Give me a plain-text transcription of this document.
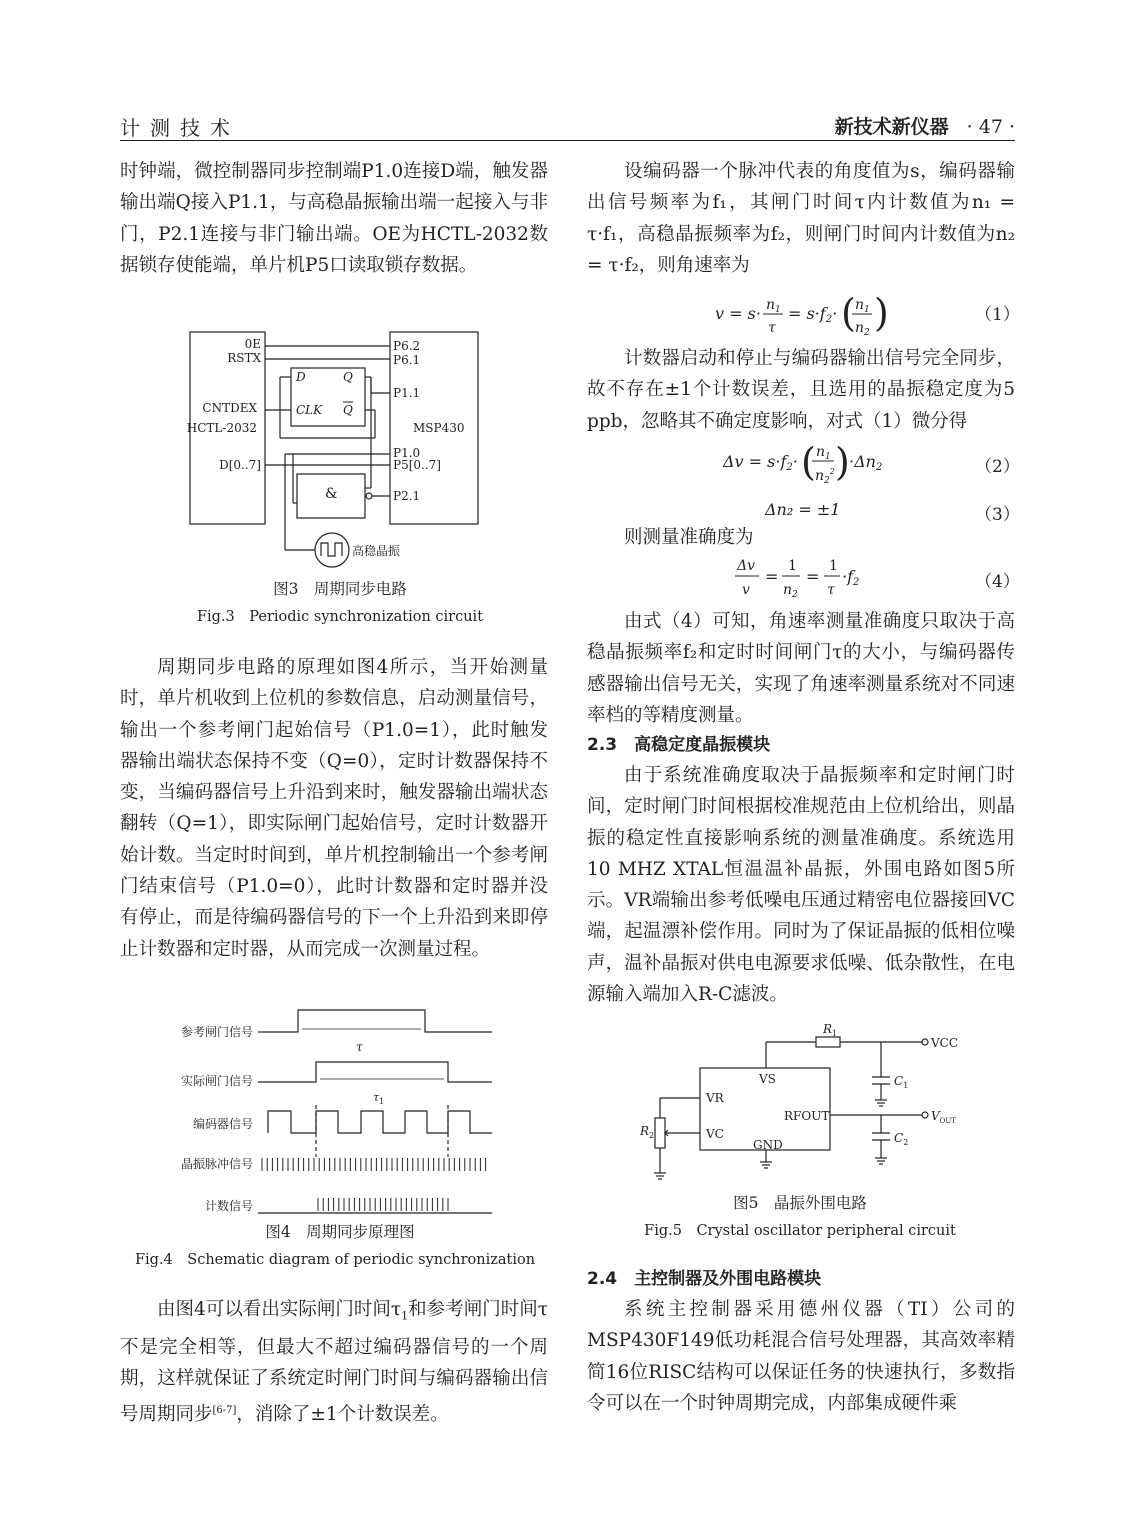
计测技术	新技术新仪器 · 47 ·

时钟端，微控制器同步控制端P1.0连接D端，触发器输出端Q接入P1.1，与高稳晶振输出端一起接入与非门，P2.1连接与非门输出端。OE为HCTL-2032数据锁存使能端，单片机P5口读取锁存数据。

0E
RSTX
CNTDEX
HCTL-2032
D[0..7]
D	Q
CLK Q
P6.2
P6.1
P1.1
MSP430
P1.0
P5[0..7]
P2.1
&
高稳晶振
图3　周期同步电路
Fig.3　Periodic synchronization circuit

周期同步电路的原理如图4所示，当开始测量时，单片机收到上位机的参数信息，启动测量信号，输出一个参考闸门起始信号（P1.0=1），此时触发器输出端状态保持不变（Q=0），定时计数器保持不变，当编码器信号上升沿到来时，触发器输出端状态翻转（Q=1），即实际闸门起始信号，定时计数器开始计数。当定时时间到，单片机控制输出一个参考闸门结束信号（P1.0=0），此时计数器和定时器并没有停止，而是待编码器信号的下一个上升沿到来即停止计数器和定时器，从而完成一次测量过程。

参考闸门信号
实际闸门信号
编码器信号
晶振脉冲信号
计数信号
τ
$\tau_1$
图4　周期同步原理图
Fig.4　Schematic diagram of periodic synchronization

由图4可以看出实际闸门时间$\tau_1$和参考闸门时间τ不是完全相等，但最大不超过编码器信号的一个周期，这样就保证了系统定时闸门时间与编码器输出信号周期同步[6-7]，消除了±1个计数误差。

设编码器一个脉冲代表的角度值为s，编码器输出信号频率为f₁，其闸门时间τ内计数值为n₁ = τ·f₁，高稳晶振频率为f₂，则闸门时间内计数值为n₂ = τ·f₂，则角速率为

$v = s\cdot n_1$
τ
= s·f2· ( $n_1$
$n_2$ )	（1）

计数器启动和停止与编码器输出信号完全同步，故不存在±1个计数误差，且选用的晶振稳定度为5 ppb，忽略其不确定度影响，对式（1）微分得

Δv = s·f2· ( $n_1$
$n_2^2$ ) ·Δn2	（2）
Δn₂ = ±1	（3）

则测量准确度为

Δv
v
=
1
$n_2$
=
1
τ
·f2	（4）

由式（4）可知，角速率测量准确度只取决于高稳晶振频率f₂和定时时间闸门τ的大小，与编码器传感器输出信号无关，实现了角速率测量系统对不同速率档的等精度测量。

2.3　高稳定度晶振模块

由于系统准确度取决于晶振频率和定时闸门时间，定时闸门时间根据校准规范由上位机给出，则晶振的稳定性直接影响系统的测量准确度。系统选用10 MHZ XTAL恒温温补晶振，外围电路如图5所示。VR端输出参考低噪电压通过精密电位器接回VC端，起温漂补偿作用。同时为了保证晶振的低相位噪声，温补晶振对供电电源要求低噪、低杂散性，在电源输入端加入R-C滤波。

$R_1$
VCC
VS	$C_1$
VR
RFOUT	$V_{OUT}$
$R_2$	VC	$C_2$
GND
图5　晶振外围电路
Fig.5　Crystal oscillator peripheral circuit
2.4　主控制器及外围电路模块

系统主控制器采用德州仪器（TI）公司的MSP430F149低功耗混合信号处理器，其高效率精简16位RISC结构可以保证任务的快速执行，多数指令可以在一个时钟周期完成，内部集成硬件乘
